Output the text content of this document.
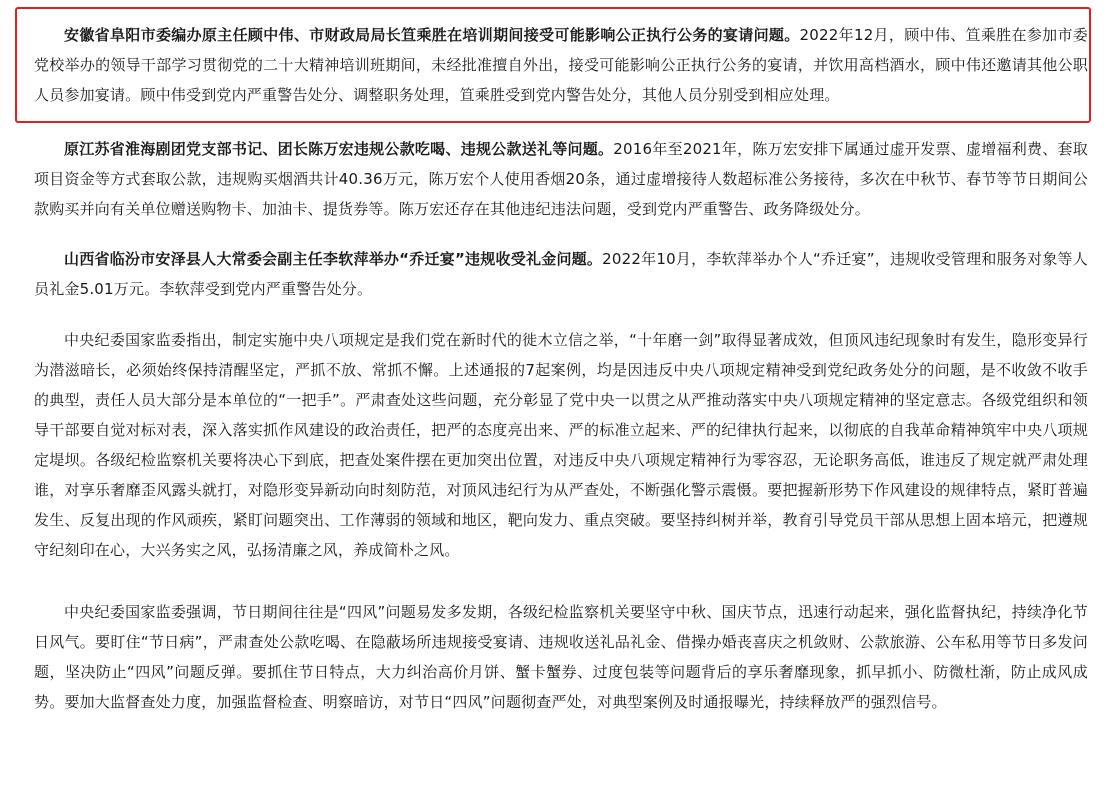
安徽省阜阳市委编办原主任顾中伟、市财政局局长笪乘胜在培训期间接受可能影响公正执行公务的宴请问题。2022年12月，顾中伟、笪乘胜在参加市委党校举办的领导干部学习贯彻党的二十大精神培训班期间，未经批准擅自外出，接受可能影响公正执行公务的宴请，并饮用高档酒水，顾中伟还邀请其他公职人员参加宴请。顾中伟受到党内严重警告处分、调整职务处理，笪乘胜受到党内警告处分，其他人员分别受到相应处理。

原江苏省淮海剧团党支部书记、团长陈万宏违规公款吃喝、违规公款送礼等问题。2016年至2021年，陈万宏安排下属通过虚开发票、虚增福利费、套取项目资金等方式套取公款，违规购买烟酒共计40.36万元，陈万宏个人使用香烟20条，通过虚增接待人数超标准公务接待，多次在中秋节、春节等节日期间公款购买并向有关单位赠送购物卡、加油卡、提货券等。陈万宏还存在其他违纪违法问题，受到党内严重警告、政务降级处分。

山西省临汾市安泽县人大常委会副主任李软萍举办“乔迁宴”违规收受礼金问题。2022年10月，李软萍举办个人“乔迁宴”，违规收受管理和服务对象等人员礼金5.01万元。李软萍受到党内严重警告处分。

中央纪委国家监委指出，制定实施中央八项规定是我们党在新时代的徙木立信之举，“十年磨一剑”取得显著成效，但顶风违纪现象时有发生，隐形变异行为潜滋暗长，必须始终保持清醒坚定，严抓不放、常抓不懈。上述通报的7起案例，均是因违反中央八项规定精神受到党纪政务处分的问题，是不收敛不收手的典型，责任人员大部分是本单位的“一把手”。严肃查处这些问题，充分彰显了党中央一以贯之从严推动落实中央八项规定精神的坚定意志。各级党组织和领导干部要自觉对标对表，深入落实抓作风建设的政治责任，把严的态度亮出来、严的标准立起来、严的纪律执行起来，以彻底的自我革命精神筑牢中央八项规定堤坝。各级纪检监察机关要将决心下到底，把查处案件摆在更加突出位置，对违反中央八项规定精神行为零容忍，无论职务高低，谁违反了规定就严肃处理谁，对享乐奢靡歪风露头就打，对隐形变异新动向时刻防范，对顶风违纪行为从严查处，不断强化警示震慑。要把握新形势下作风建设的规律特点，紧盯普遍发生、反复出现的作风顽疾，紧盯问题突出、工作薄弱的领域和地区，靶向发力、重点突破。要坚持纠树并举，教育引导党员干部从思想上固本培元，把遵规守纪刻印在心，大兴务实之风，弘扬清廉之风，养成简朴之风。

中央纪委国家监委强调，节日期间往往是“四风”问题易发多发期，各级纪检监察机关要坚守中秋、国庆节点，迅速行动起来，强化监督执纪，持续净化节日风气。要盯住“节日病”，严肃查处公款吃喝、在隐蔽场所违规接受宴请、违规收送礼品礼金、借操办婚丧喜庆之机敛财、公款旅游、公车私用等节日多发问题，坚决防止“四风”问题反弹。要抓住节日特点，大力纠治高价月饼、蟹卡蟹券、过度包装等问题背后的享乐奢靡现象，抓早抓小、防微杜渐，防止成风成势。要加大监督查处力度，加强监督检查、明察暗访，对节日“四风”问题彻查严处，对典型案例及时通报曝光，持续释放严的强烈信号。
